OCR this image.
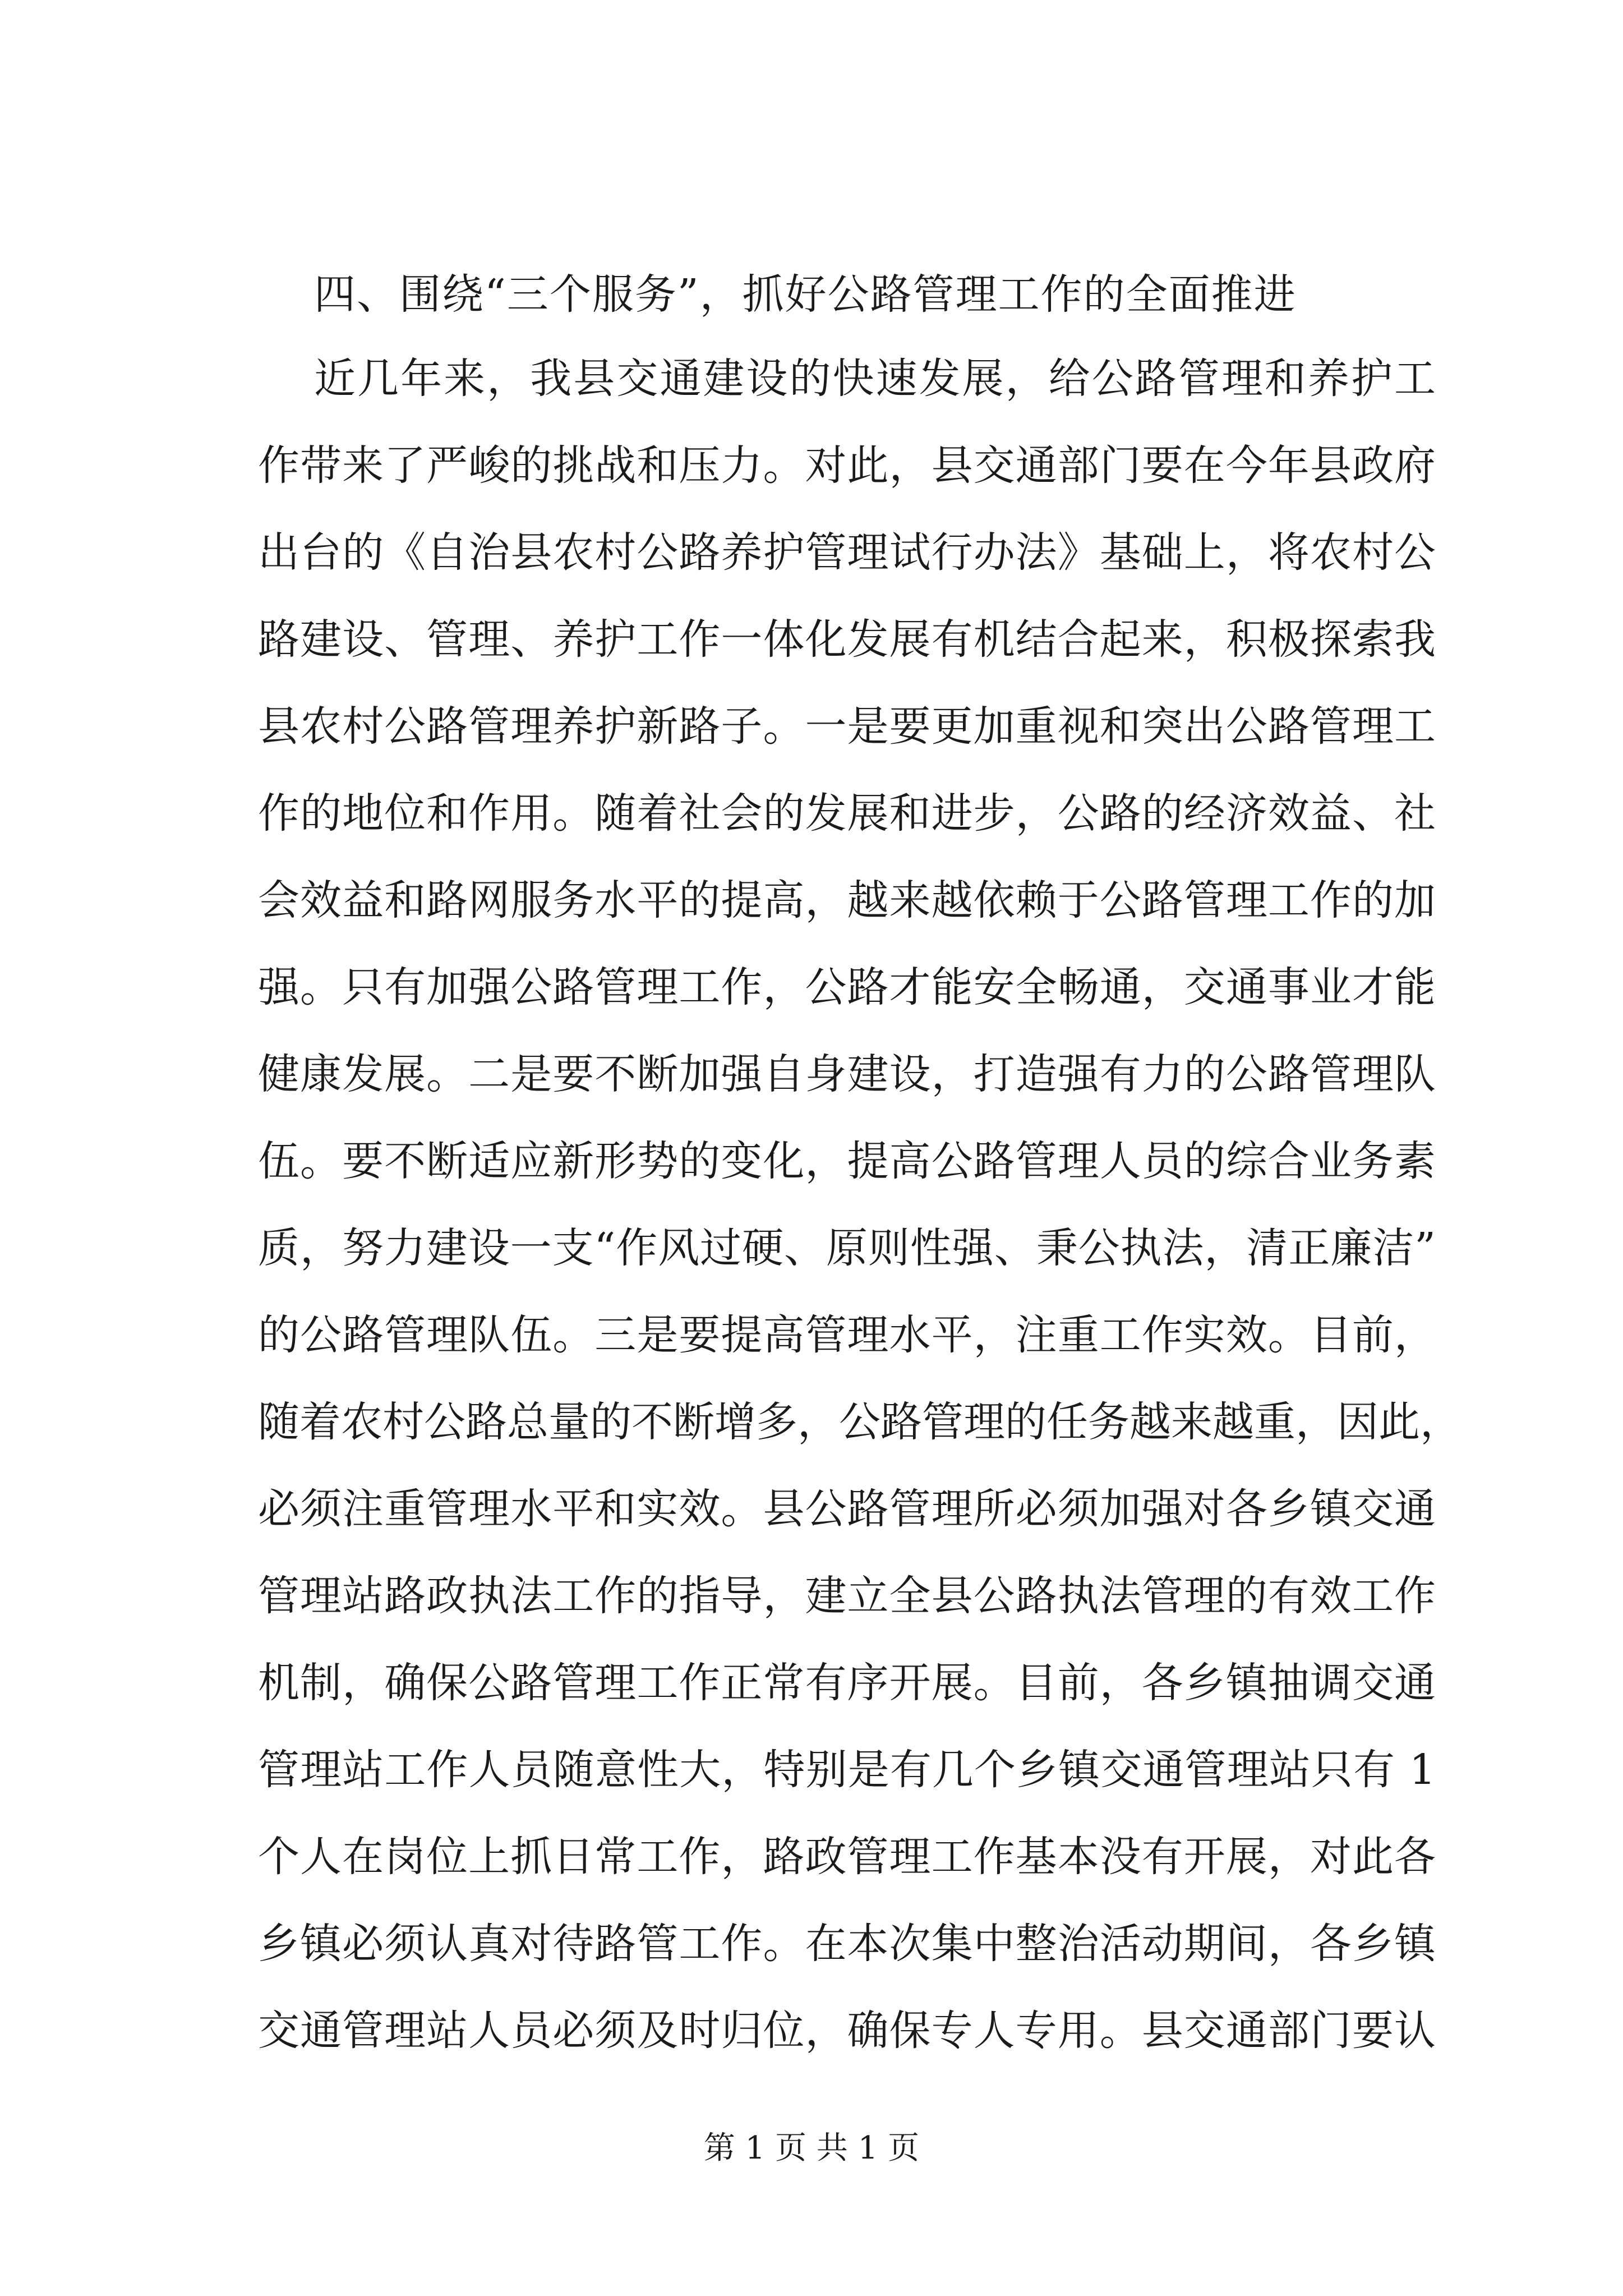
四、围绕“三个服务”，抓好公路管理工作的全面推进
近几年来，我县交通建设的快速发展，给公路管理和养护工
作带来了严峻的挑战和压力。对此，县交通部门要在今年县政府
出台的《自治县农村公路养护管理试行办法》基础上，将农村公
路建设、管理、养护工作一体化发展有机结合起来，积极探索我
县农村公路管理养护新路子。一是要更加重视和突出公路管理工
作的地位和作用。随着社会的发展和进步，公路的经济效益、社
会效益和路网服务水平的提高，越来越依赖于公路管理工作的加
强。只有加强公路管理工作，公路才能安全畅通，交通事业才能
健康发展。二是要不断加强自身建设，打造强有力的公路管理队
伍。要不断适应新形势的变化，提高公路管理人员的综合业务素
质，努力建设一支“作风过硬、原则性强、秉公执法，清正廉洁”
的公路管理队伍。三是要提高管理水平，注重工作实效。目前，
随着农村公路总量的不断增多，公路管理的任务越来越重，因此，
必须注重管理水平和实效。县公路管理所必须加强对各乡镇交通
管理站路政执法工作的指导，建立全县公路执法管理的有效工作
机制，确保公路管理工作正常有序开展。目前，各乡镇抽调交通
管理站工作人员随意性大，特别是有几个乡镇交通管理站只有 1
个人在岗位上抓日常工作，路政管理工作基本没有开展，对此各
乡镇必须认真对待路管工作。在本次集中整治活动期间，各乡镇
交通管理站人员必须及时归位，确保专人专用。县交通部门要认
第 1 页 共 1 页
